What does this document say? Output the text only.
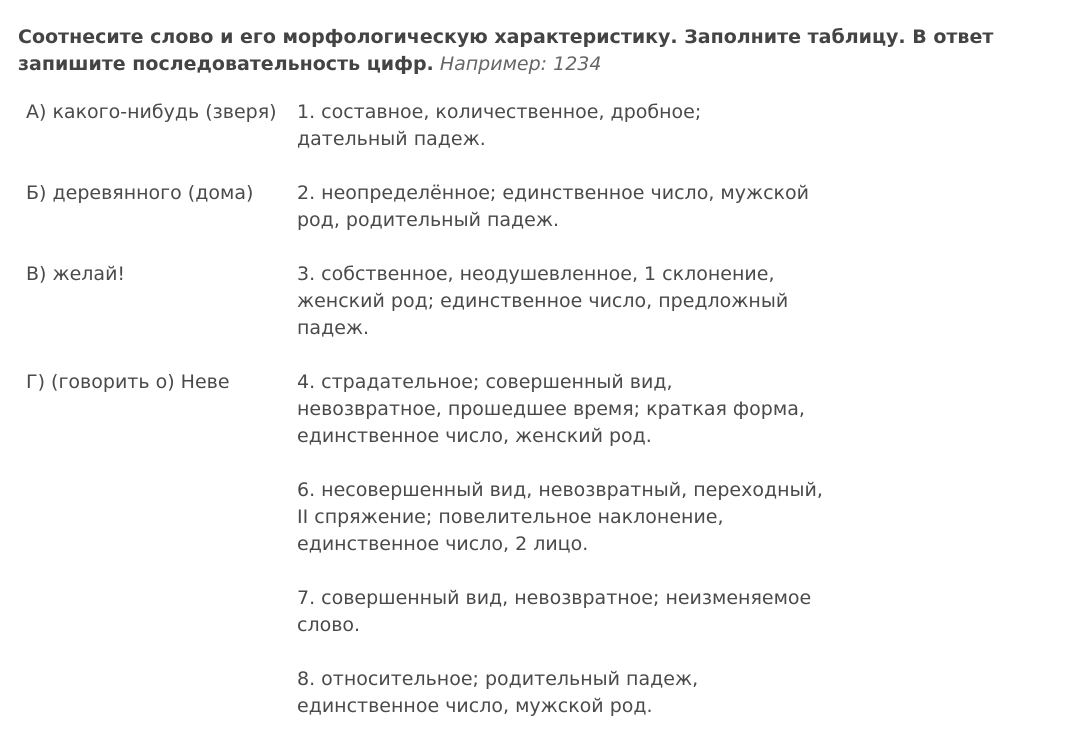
Соотнесите слово и его морфологическую характеристику. Заполните таблицу. В ответ запишите последовательность цифр. Например: 1234
А) какого-нибудь (зверя)
Б) деревянного (дома)
В) желай!
Г) (говорить о) Неве
1. составное, количественное, дробное; дательный падеж.
2. неопределённое; единственное число, мужской род, родительный падеж.
3. собственное, неодушевленное, 1 склонение, женский род; единственное число, предложный падеж.
4. страдательное; совершенный вид, невозвратное, прошедшее время; краткая форма, единственное число, женский род.
6. несовершенный вид, невозвратный, переходный, II спряжение; повелительное наклонение, единственное число, 2 лицо.
7. совершенный вид, невозвратное; неизменяемое слово.
8. относительное; родительный падеж, единственное число, мужской род.
